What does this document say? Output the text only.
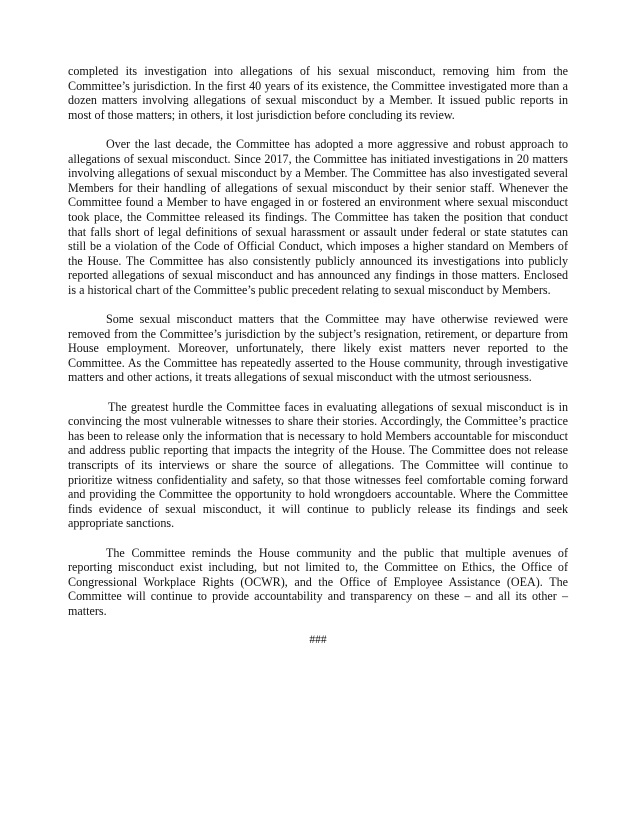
completed its investigation into allegations of his sexual misconduct, removing him from the Committee’s jurisdiction. In the first 40 years of its existence, the Committee investigated more than a dozen matters involving allegations of sexual misconduct by a Member. It issued public reports in most of those matters; in others, it lost jurisdiction before concluding its review.

Over the last decade, the Committee has adopted a more aggressive and robust approach to allegations of sexual misconduct. Since 2017, the Committee has initiated investigations in 20 matters involving allegations of sexual misconduct by a Member. The Committee has also investigated several Members for their handling of allegations of sexual misconduct by their senior staff. Whenever the Committee found a Member to have engaged in or fostered an environment where sexual misconduct took place, the Committee released its findings. The Committee has taken the position that conduct that falls short of legal definitions of sexual harassment or assault under federal or state statutes can still be a violation of the Code of Official Conduct, which imposes a higher standard on Members of the House. The Committee has also consistently publicly announced its investigations into publicly reported allegations of sexual misconduct and has announced any findings in those matters. Enclosed is a historical chart of the Committee’s public precedent relating to sexual misconduct by Members.

Some sexual misconduct matters that the Committee may have otherwise reviewed were removed from the Committee’s jurisdiction by the subject’s resignation, retirement, or departure from House employment. Moreover, unfortunately, there likely exist matters never reported to the Committee. As the Committee has repeatedly asserted to the House community, through investigative matters and other actions, it treats allegations of sexual misconduct with the utmost seriousness.

The greatest hurdle the Committee faces in evaluating allegations of sexual misconduct is in convincing the most vulnerable witnesses to share their stories. Accordingly, the Committee’s practice has been to release only the information that is necessary to hold Members accountable for misconduct and address public reporting that impacts the integrity of the House. The Committee does not release transcripts of its interviews or share the source of allegations. The Committee will continue to prioritize witness confidentiality and safety, so that those witnesses feel comfortable coming forward and providing the Committee the opportunity to hold wrongdoers accountable. Where the Committee finds evidence of sexual misconduct, it will continue to publicly release its findings and seek appropriate sanctions.

The Committee reminds the House community and the public that multiple avenues of reporting misconduct exist including, but not limited to, the Committee on Ethics, the Office of Congressional Workplace Rights (OCWR), and the Office of Employee Assistance (OEA). The Committee will continue to provide accountability and transparency on these – and all its other – matters.

###
